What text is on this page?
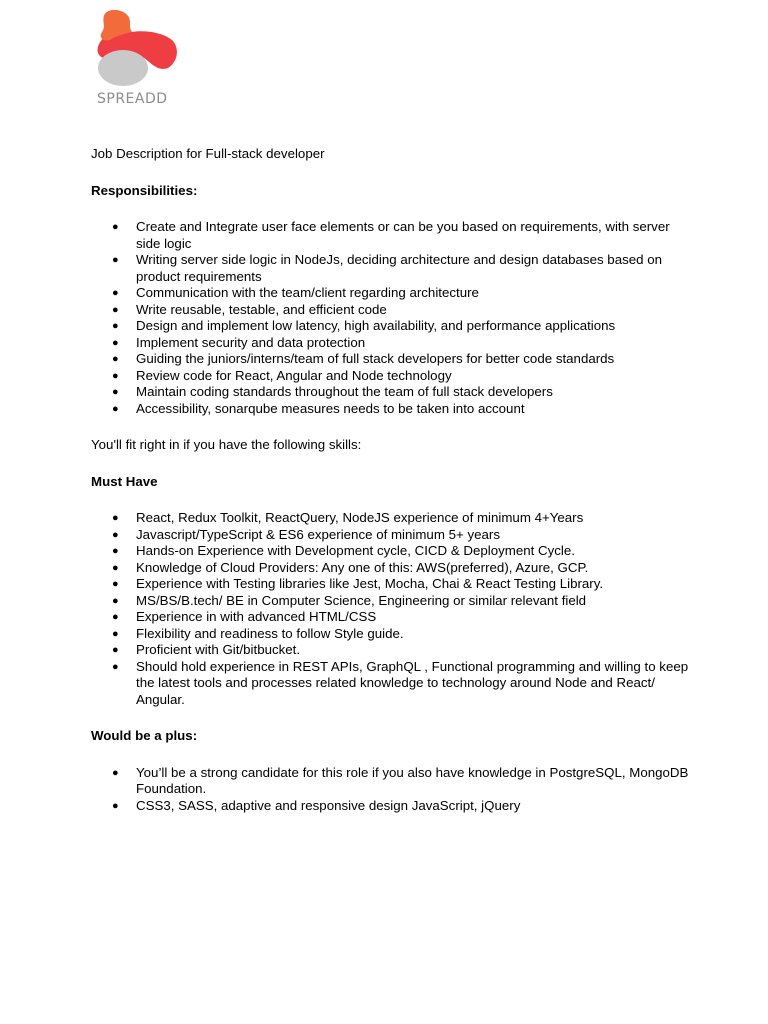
SPREADD

Job Description for Full-stack developer

Responsibilities:

● Create and Integrate user face elements or can be you based on requirements, with server side logic
● Writing server side logic in NodeJs, deciding architecture and design databases based on product requirements
● Communication with the team/client regarding architecture
● Write reusable, testable, and efficient code
● Design and implement low latency, high availability, and performance applications
● Implement security and data protection
● Guiding the juniors/interns/team of full stack developers for better code standards
● Review code for React, Angular and Node technology
● Maintain coding standards throughout the team of full stack developers
● Accessibility, sonarqube measures needs to be taken into account

You'll fit right in if you have the following skills:

Must Have

● React, Redux Toolkit, ReactQuery, NodeJS experience of minimum 4+Years
● Javascript/TypeScript & ES6 experience of minimum 5+ years
● Hands-on Experience with Development cycle, CICD & Deployment Cycle.
● Knowledge of Cloud Providers: Any one of this: AWS(preferred), Azure, GCP.
● Experience with Testing libraries like Jest, Mocha, Chai & React Testing Library.
● MS/BS/B.tech/ BE in Computer Science, Engineering or similar relevant field
● Experience in with advanced HTML/CSS
● Flexibility and readiness to follow Style guide.
● Proficient with Git/bitbucket.
● Should hold experience in REST APIs, GraphQL , Functional programming and willing to keep the latest tools and processes related knowledge to technology around Node and React/ Angular.

Would be a plus:

● You’ll be a strong candidate for this role if you also have knowledge in PostgreSQL, MongoDB Foundation.
● CSS3, SASS, adaptive and responsive design JavaScript, jQuery
